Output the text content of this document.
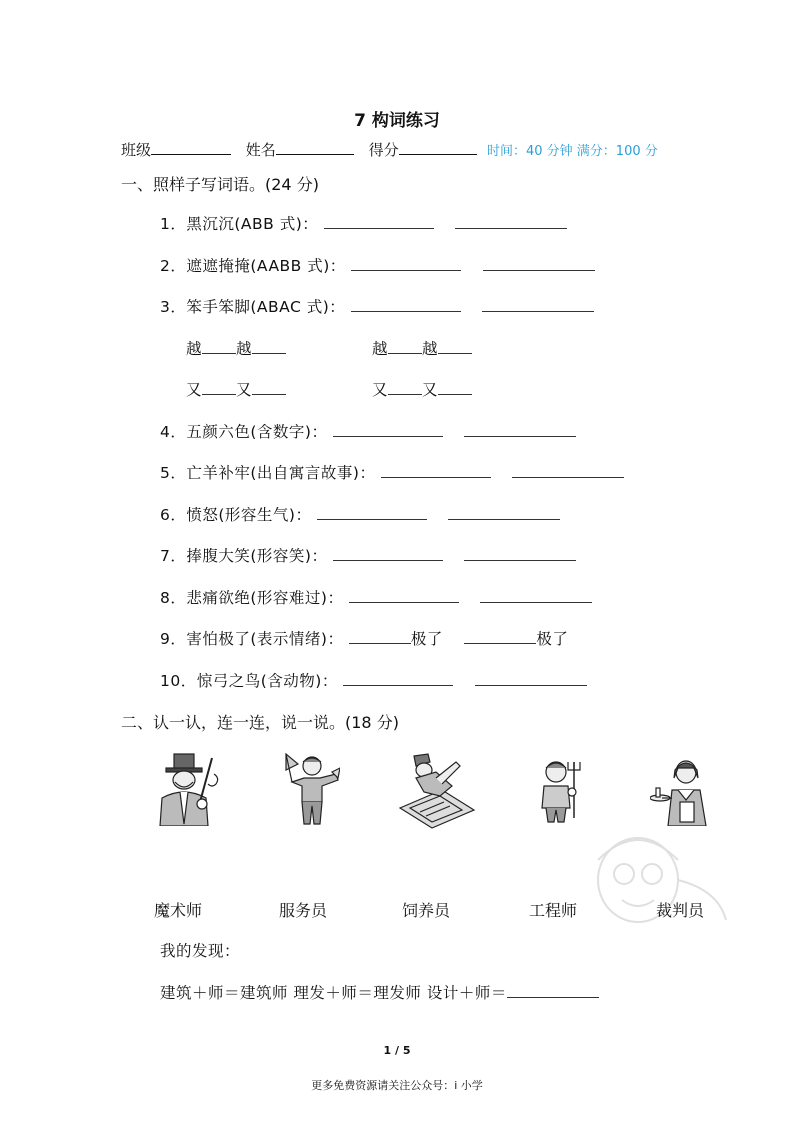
7 构词练习
班级	姓名	得分	时间：40 分钟 满分：100 分
一、照样子写词语。(24 分)
1．黑沉沉(ABB 式)：
2．遮遮掩掩(AABB 式)：
3．笨手笨脚(ABAC 式)：
越 越	越 越
又 又	又 又
4．五颜六色(含数字)：
5．亡羊补牢(出自寓言故事)：
6．愤怒(形容生气)：
7．捧腹大笑(形容笑)：
8．悲痛欲绝(形容难过)：
9．害怕极了(表示情绪)：	极了	极了
10．惊弓之鸟(含动物)：
二、认一认，连一连，说一说。(18 分)
魔术师	服务员	饲养员	工程师	裁判员
我的发现：
建筑＋师＝建筑师 理发＋师＝理发师 设计＋师＝
1 / 5
更多免费资源请关注公众号：i 小学
